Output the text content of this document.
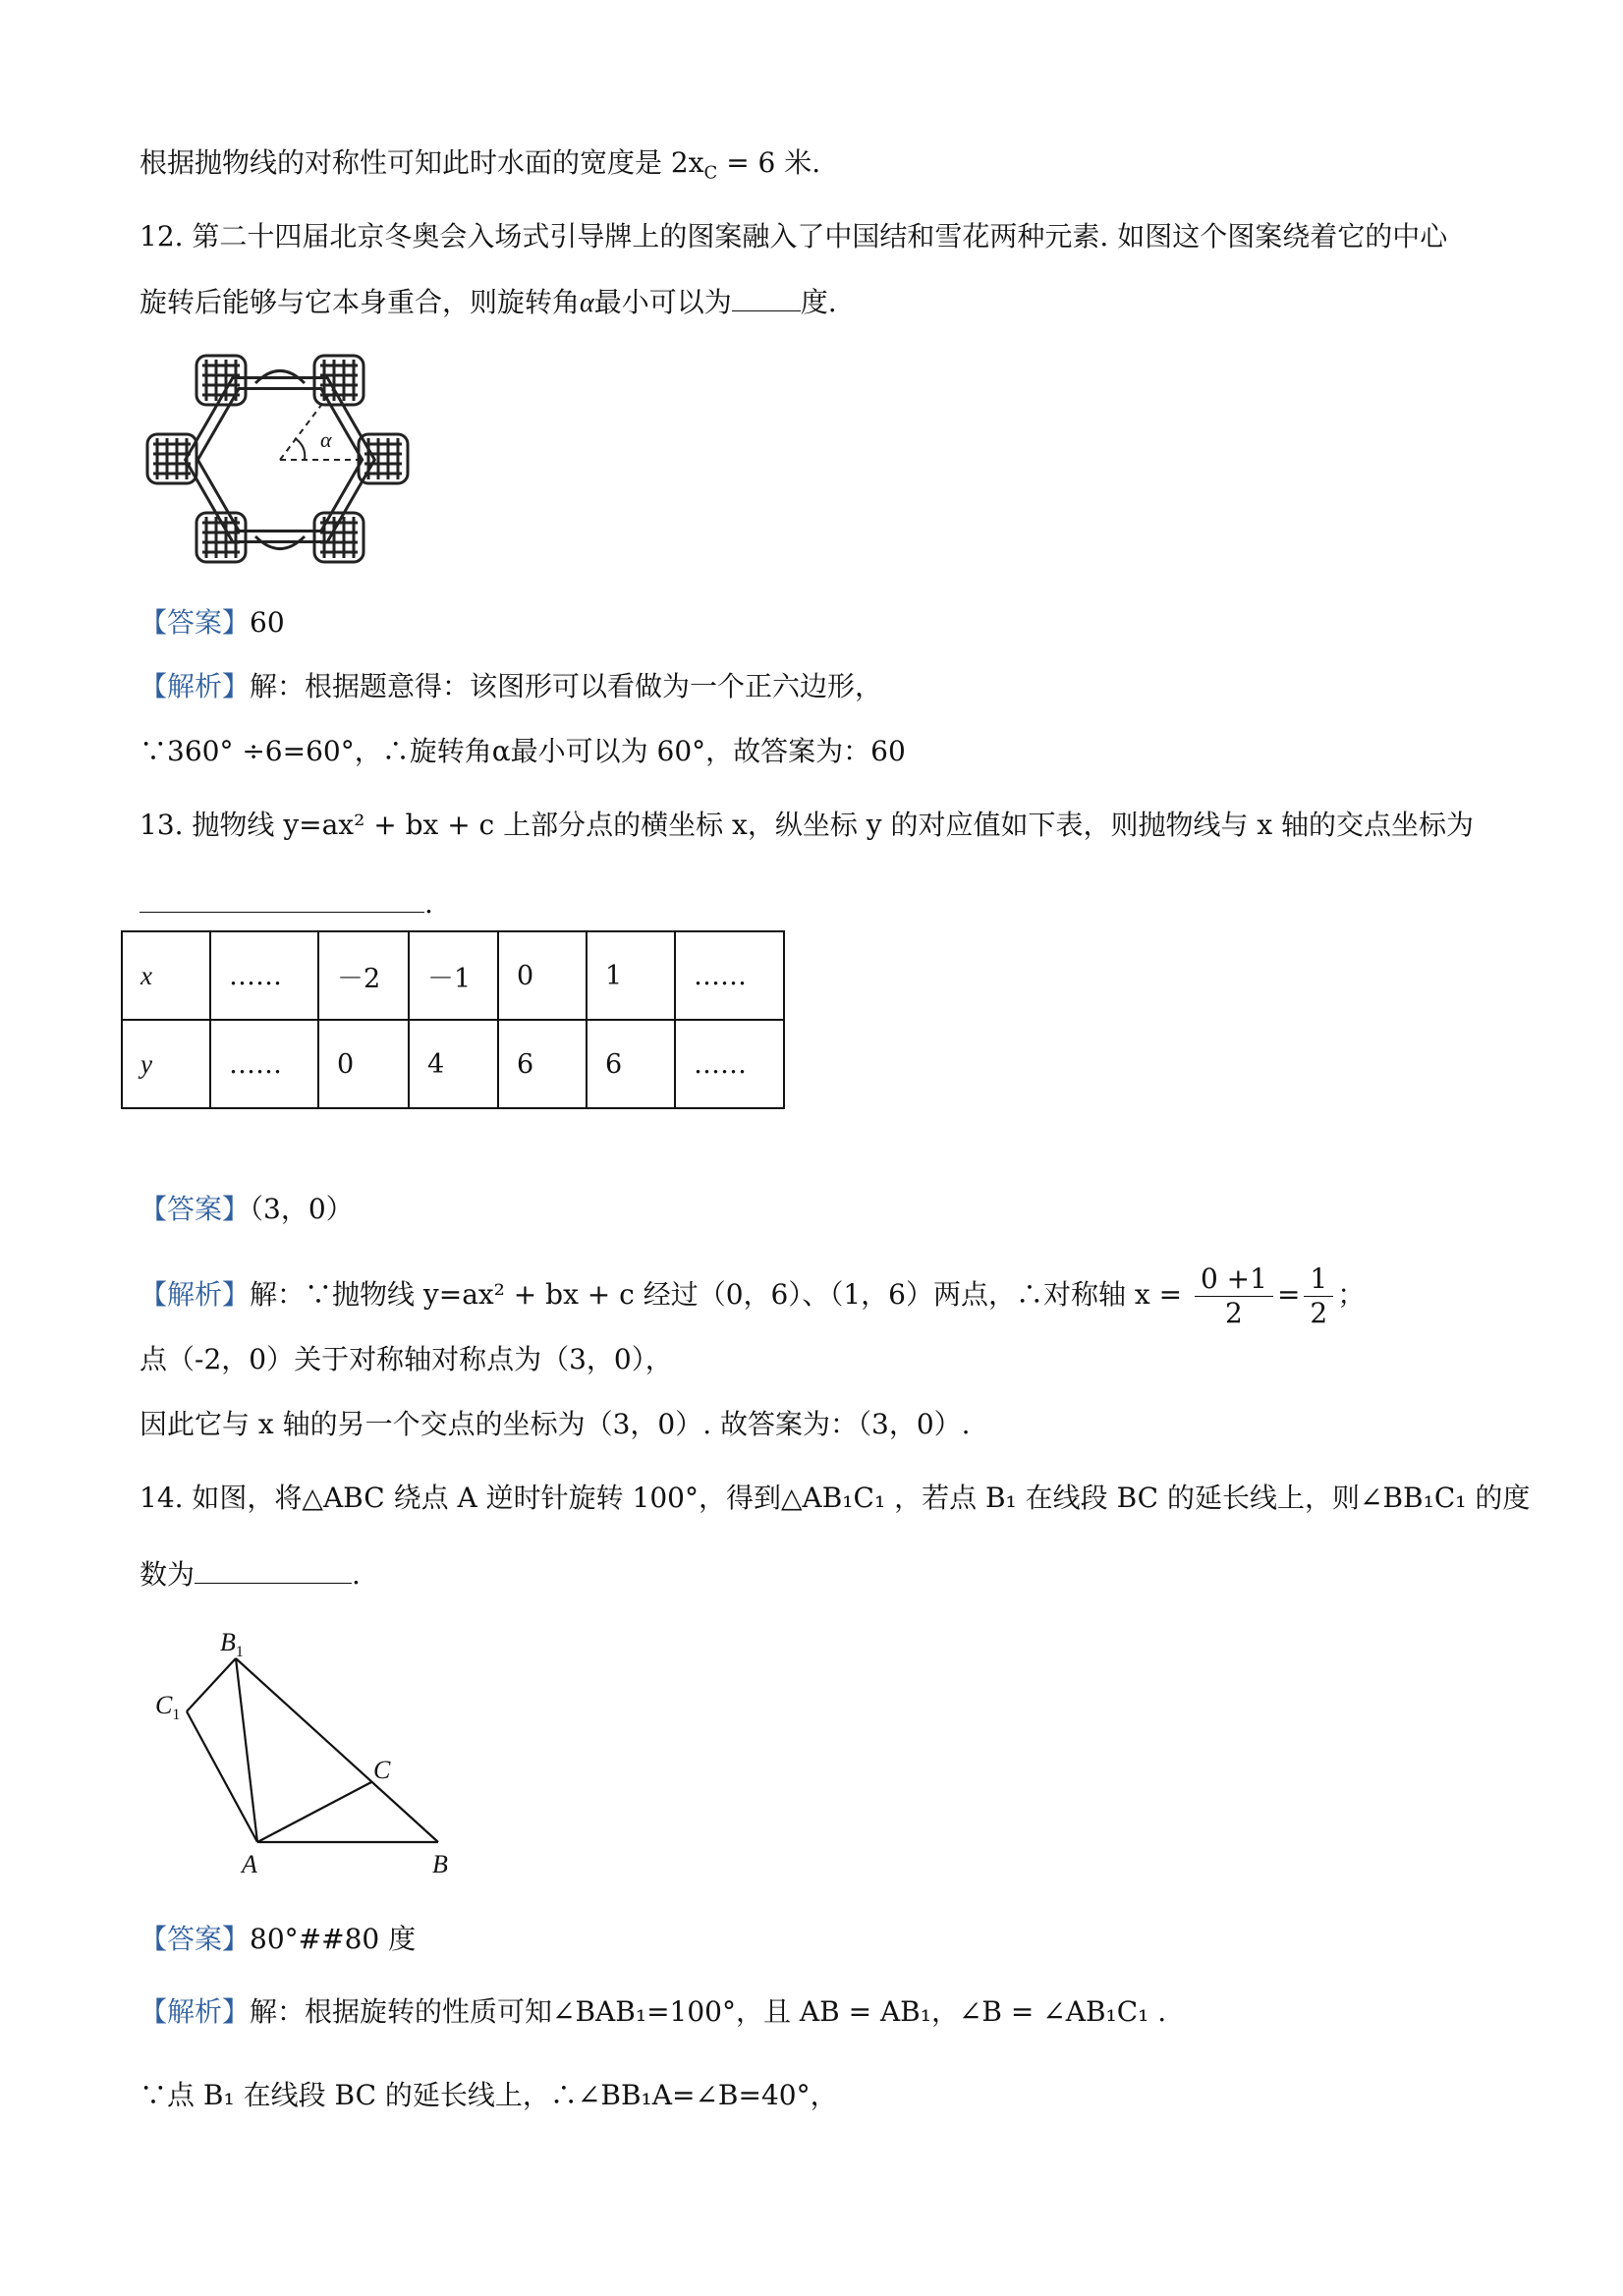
根据抛物线的对称性可知此时水面的宽度是 $2x_C = 6$ 米.
12. 第二十四届北京冬奥会入场式引导牌上的图案融入了中国结和雪花两种元素. 如图这个图案绕着它的中心
旋转后能够与它本身重合，则旋转角α最小可以为	度.
α
【答案】60
【解析】解：根据题意得：该图形可以看做为一个正六边形，
∵360° ÷6=60°，∴旋转角α最小可以为 60°，故答案为：60
13. 抛物线 y=ax² + bx + c 上部分点的横坐标 x，纵坐标 y 的对应值如下表，则抛物线与 x 轴的交点坐标为
.
x	……	－2	－1	0	1	……
y	……	0	4	6	6	……
【答案】（3，0）
【解析】解：∵抛物线 y=ax² + bx + c 经过（0，6）、（1，6）两点，∴对称轴 $x = \frac{0 +1}{2} = \frac{1}{2}$ ；
点（-2，0）关于对称轴对称点为（3，0），
因此它与 x 轴的另一个交点的坐标为（3，0）. 故答案为：（3，0）.
14. 如图，将△ABC 绕点 A 逆时针旋转 100°，得到△AB₁C₁ ，若点 B₁ 在线段 BC 的延长线上，则∠BB₁C₁ 的度
数为	.
$B_1$
$C_1$
C
A	B
【答案】80°##80 度
【解析】解：根据旋转的性质可知∠BAB₁=100°，且 AB = AB₁，∠B = ∠AB₁C₁ .
∵点 B₁ 在线段 BC 的延长线上，∴∠BB₁A=∠B=40°，
